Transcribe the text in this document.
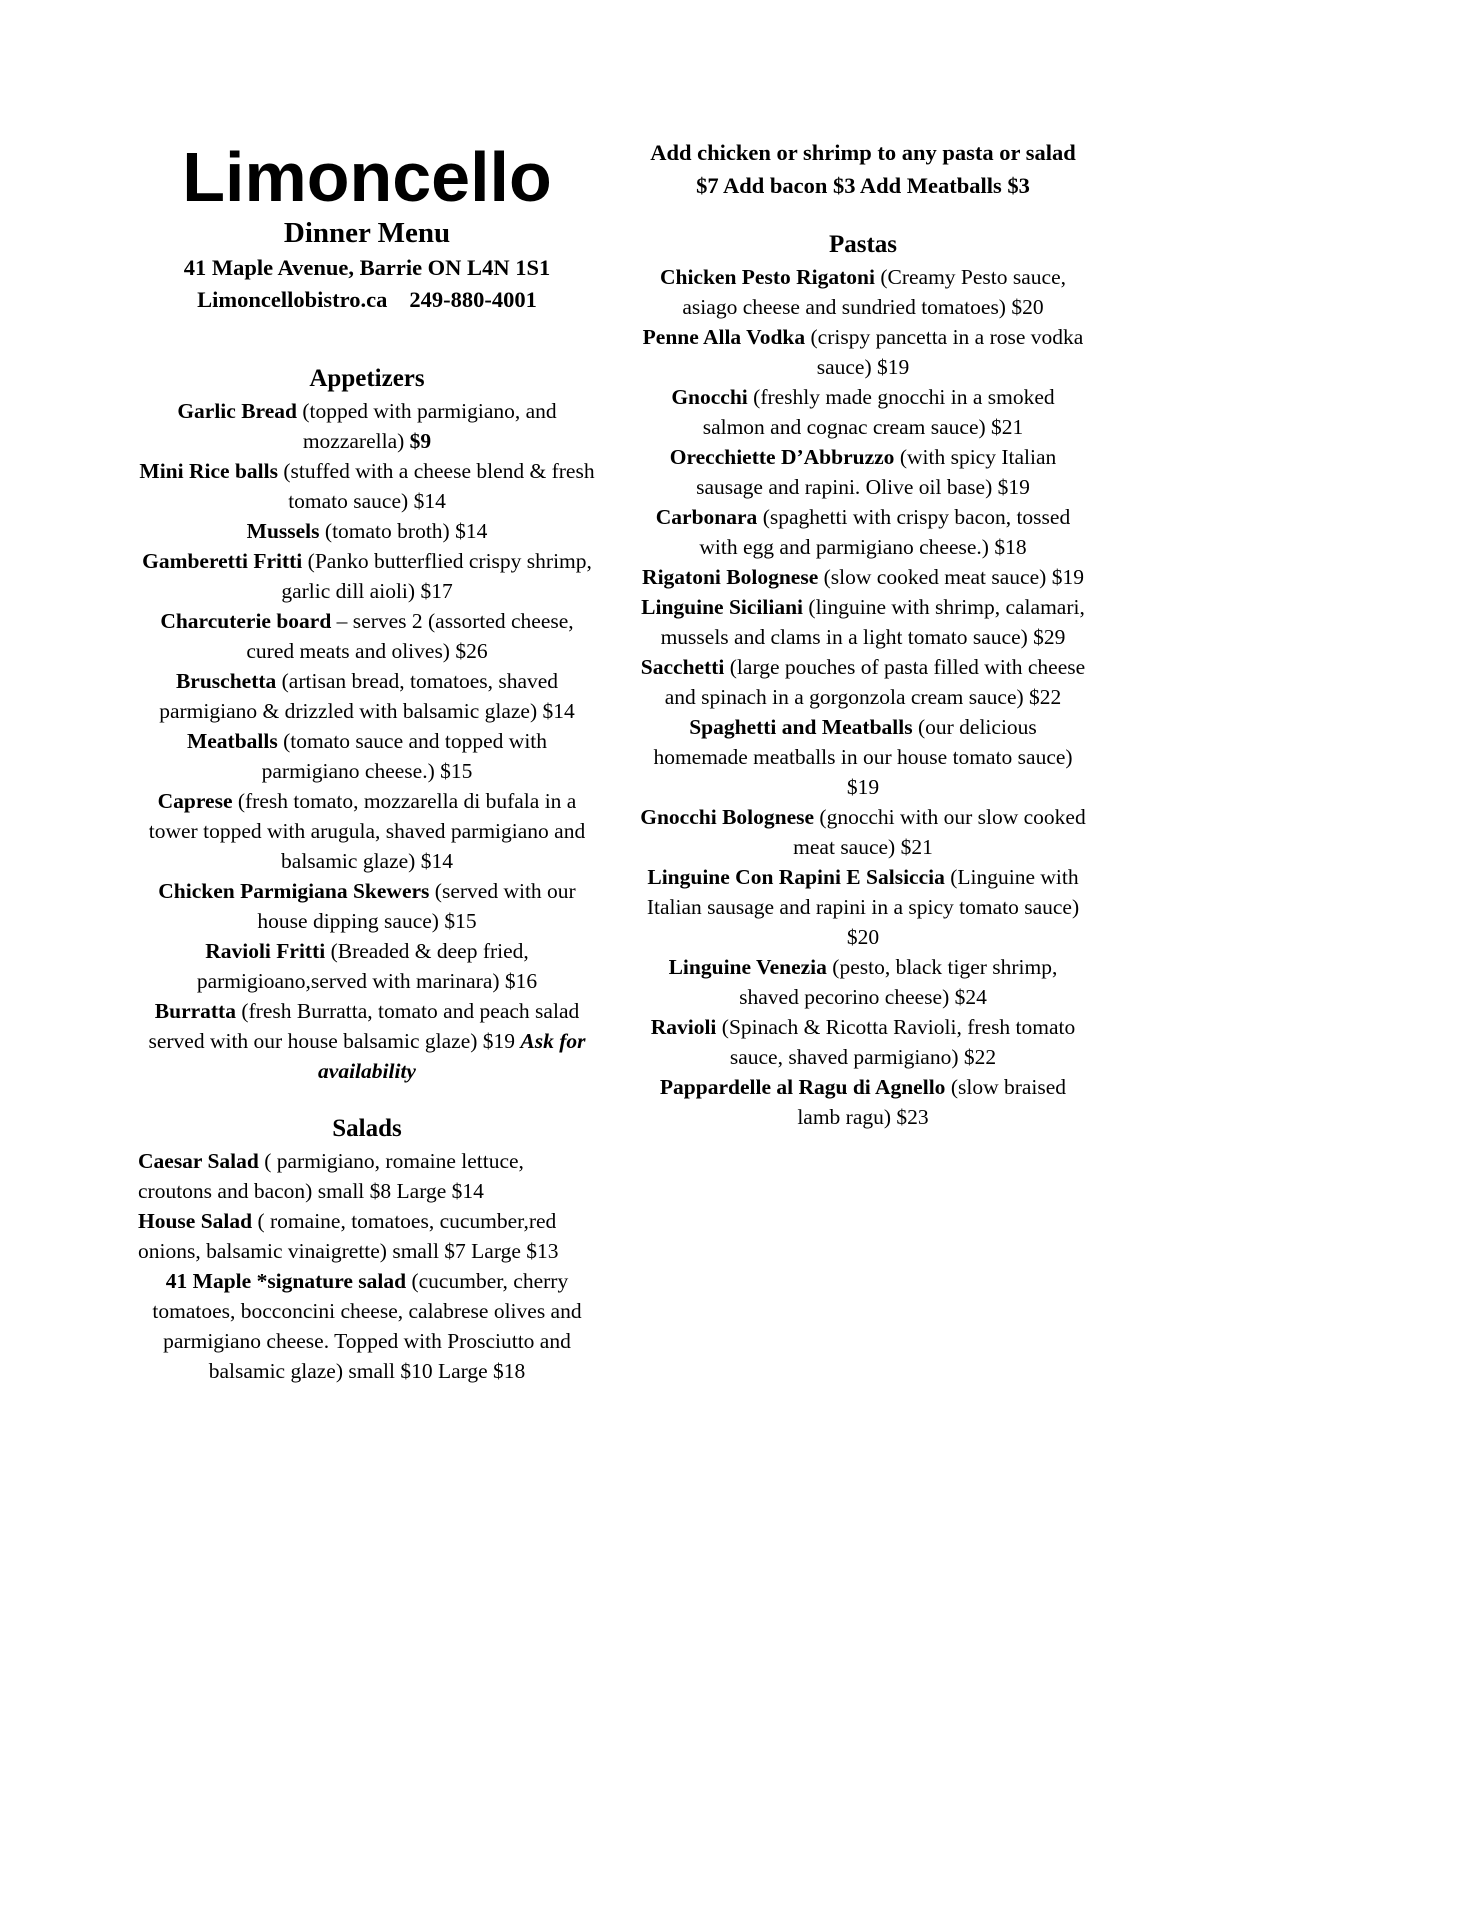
Limoncello
Dinner Menu
41 Maple Avenue, Barrie ON L4N 1S1
Limoncellobistro.ca 249-880-4001
Appetizers

Garlic Bread (topped with parmigiano, and mozzarella) $9

Mini Rice balls (stuffed with a cheese blend & fresh tomato sauce) $14

Mussels (tomato broth) $14

Gamberetti Fritti (Panko butterflied crispy shrimp, garlic dill aioli) $17

Charcuterie board – serves 2 (assorted cheese, cured meats and olives) $26

Bruschetta (artisan bread, tomatoes, shaved parmigiano & drizzled with balsamic glaze) $14

Meatballs (tomato sauce and topped with parmigiano cheese.) $15

Caprese (fresh tomato, mozzarella di bufala in a tower topped with arugula, shaved parmigiano and balsamic glaze) $14

Chicken Parmigiana Skewers (served with our house dipping sauce) $15

Ravioli Fritti (Breaded & deep fried, parmigioano,served with marinara) $16

Burratta (fresh Burratta, tomato and peach salad served with our house balsamic glaze) $19 Ask for availability

Salads

Caesar Salad ( parmigiano, romaine lettuce, croutons and bacon) small $8 Large $14

House Salad ( romaine, tomatoes, cucumber,red onions, balsamic vinaigrette) small $7 Large $13

41 Maple *signature salad (cucumber, cherry tomatoes, bocconcini cheese, calabrese olives and parmigiano cheese. Topped with Prosciutto and balsamic glaze) small $10 Large $18

Add chicken or shrimp to any pasta or salad $7 Add bacon $3 Add Meatballs $3

Pastas

Chicken Pesto Rigatoni (Creamy Pesto sauce, asiago cheese and sundried tomatoes) $20

Penne Alla Vodka (crispy pancetta in a rose vodka sauce) $19

Gnocchi (freshly made gnocchi in a smoked salmon and cognac cream sauce) $21

Orecchiette D’Abbruzzo (with spicy Italian sausage and rapini. Olive oil base) $19

Carbonara (spaghetti with crispy bacon, tossed with egg and parmigiano cheese.) $18

Rigatoni Bolognese (slow cooked meat sauce) $19

Linguine Siciliani (linguine with shrimp, calamari, mussels and clams in a light tomato sauce) $29

Sacchetti (large pouches of pasta filled with cheese and spinach in a gorgonzola cream sauce) $22

Spaghetti and Meatballs (our delicious homemade meatballs in our house tomato sauce) $19

Gnocchi Bolognese (gnocchi with our slow cooked meat sauce) $21

Linguine Con Rapini E Salsiccia (Linguine with Italian sausage and rapini in a spicy tomato sauce) $20

Linguine Venezia (pesto, black tiger shrimp, shaved pecorino cheese) $24

Ravioli (Spinach & Ricotta Ravioli, fresh tomato sauce, shaved parmigiano) $22

Pappardelle al Ragu di Agnello (slow braised lamb ragu) $23
